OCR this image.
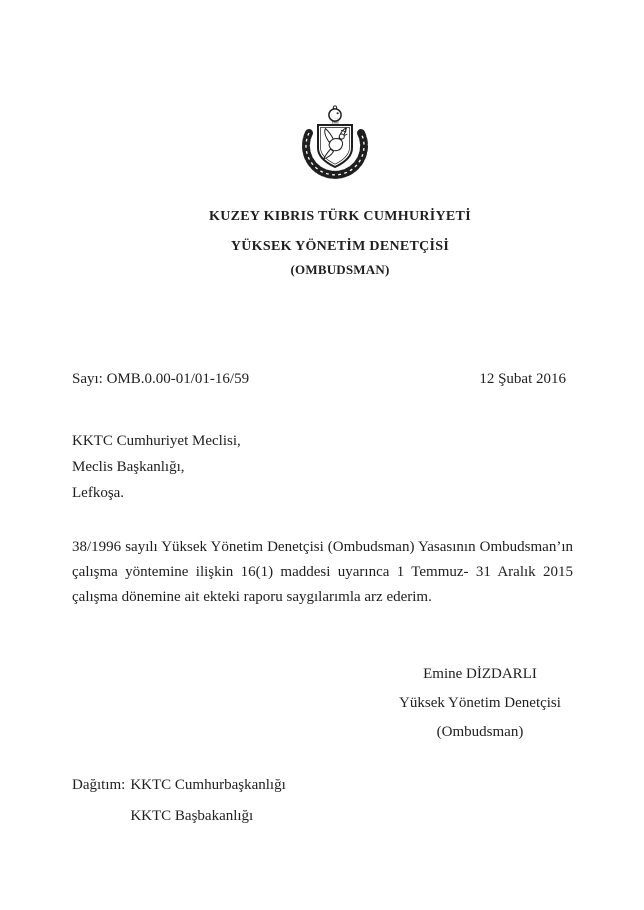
1983
KUZEY KIBRIS TÜRK CUMHURİYETİ
YÜKSEK YÖNETİM DENETÇİSİ
(OMBUDSMAN)
Sayı: OMB.0.00-01/01-16/59	12 Şubat 2016
KKTC Cumhuriyet Meclisi,
Meclis Başkanlığı,
Lefkoşa.

38/1996 sayılı Yüksek Yönetim Denetçisi (Ombudsman) Yasasının Ombudsman’ın çalışma yöntemine ilişkin 16(1) maddesi uyarınca 1 Temmuz- 31 Aralık 2015 çalışma dönemine ait ekteki raporu saygılarımla arz ederim.

Emine DİZDARLI
Yüksek Yönetim Denetçisi
(Ombudsman)
Dağıtım: KKTC Cumhurbaşkanlığı
KKTC Başbakanlığı
